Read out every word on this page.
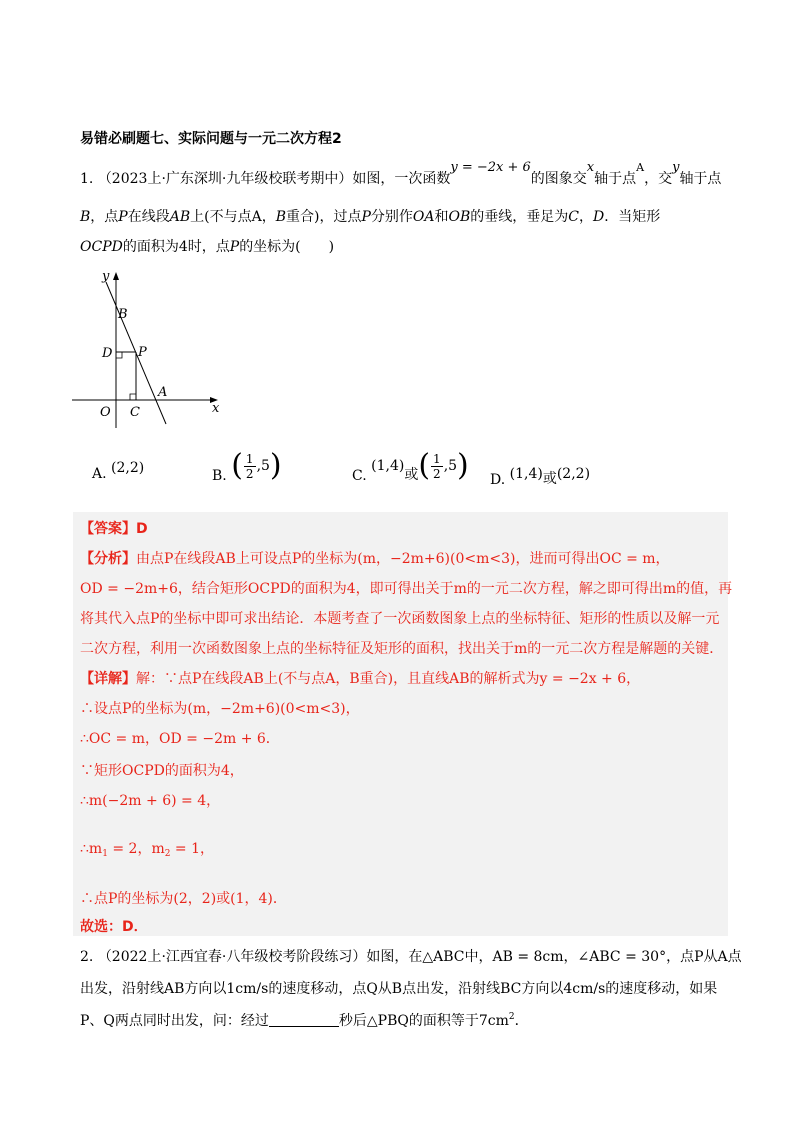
易错必刷题七、实际问题与一元二次方程2
1. （2023上·广东深圳·九年级校联考期中）如图，一次函数y = −2x + 6的图象交x轴于点$^A$，交y轴于点
B，点P在线段AB上(不与点A，B重合)，过点P分别作OA和OB的垂线，垂足为C，D．当矩形
OCPD的面积为4时，点P的坐标为(　　)
y
B
D P
A
O C	x
A.
(2,2)	B.
( $\frac{1}{2} ,5$ )	C.

(1,4)
或 ( $\frac{1}{2} ,5$ ) D.
(1,4) 或 (2,2)
【答案】D
【分析】由点P在线段AB上可设点P的坐标为(m，−2m+6)(0<m<3)，进而可得出OC = m，
OD = −2m+6，结合矩形OCPD的面积为4，即可得出关于m的一元二次方程，解之即可得出m的值，再
将其代入点P的坐标中即可求出结论．本题考查了一次函数图象上点的坐标特征、矩形的性质以及解一元
二次方程，利用一次函数图象上点的坐标特征及矩形的面积，找出关于m的一元二次方程是解题的关键．
【详解】解：∵点P在线段AB上(不与点A，B重合)，且直线AB的解析式为y = −2x + 6，
∴设点P的坐标为(m，−2m+6)(0<m<3)，
∴OC = m，OD = −2m + 6．
∵矩形OCPD的面积为4，
∴m(−2m + 6) = 4，
$\therefore m_1 = 2$，$m_2 = 1$，
∴点P的坐标为(2，2)或(1，4)．
故选：D．
2. （2022上·江西宜春·八年级校考阶段练习）如图，在△ABC中，AB = 8cm，∠ABC = 30°，点P从A点
出发，沿射线AB方向以1cm/s的速度移动，点Q从B点出发，沿射线BC方向以4cm/s的速度移动，如果
P、Q两点同时出发，问：经过	秒后△PBQ的面积等于$7cm^2$．
